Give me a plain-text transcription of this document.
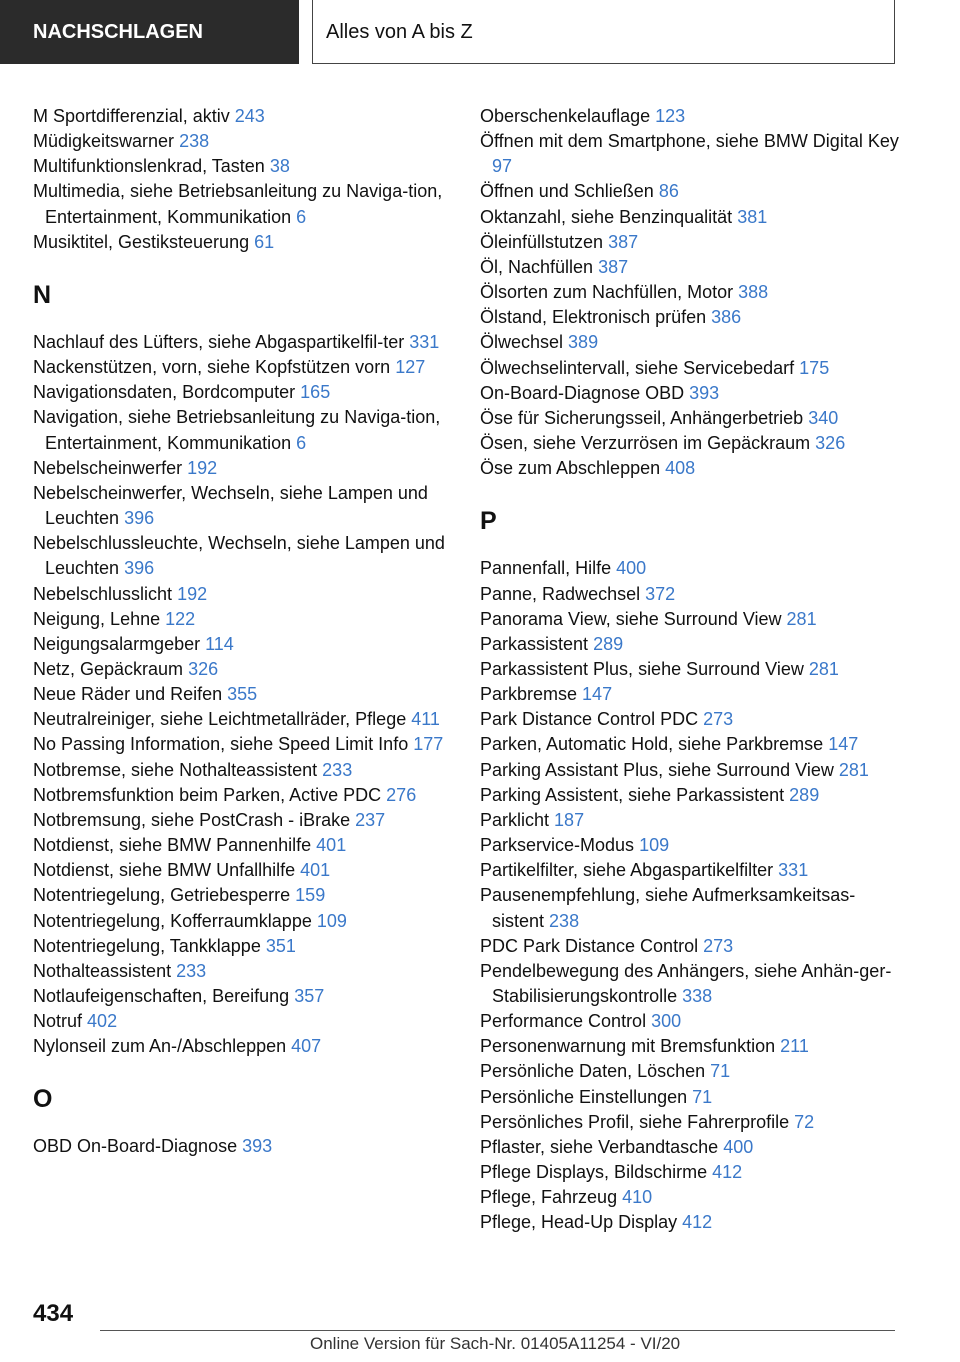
NACHSCHLAGEN	Alles von A bis Z
M Sportdifferenzial, aktiv 243
Müdigkeitswarner 238
Multifunktionslenkrad, Tasten 38
Multimedia, siehe Betriebsanleitung zu Naviga-tion, Entertainment, Kommunikation 6
Musiktitel, Gestiksteuerung 61
N
Nachlauf des Lüfters, siehe Abgaspartikelfil-ter 331
Nackenstützen, vorn, siehe Kopfstützen vorn 127
Navigationsdaten, Bordcomputer 165
Navigation, siehe Betriebsanleitung zu Naviga-tion, Entertainment, Kommunikation 6
Nebelscheinwerfer 192
Nebelscheinwerfer, Wechseln, siehe Lampen und Leuchten 396
Nebelschlussleuchte, Wechseln, siehe Lampen und Leuchten 396
Nebelschlusslicht 192
Neigung, Lehne 122
Neigungsalarmgeber 114
Netz, Gepäckraum 326
Neue Räder und Reifen 355
Neutralreiniger, siehe Leichtmetallräder, Pflege 411
No Passing Information, siehe Speed Limit Info 177
Notbremse, siehe Nothalteassistent 233
Notbremsfunktion beim Parken, Active PDC 276
Notbremsung, siehe PostCrash - iBrake 237
Notdienst, siehe BMW Pannenhilfe 401
Notdienst, siehe BMW Unfallhilfe 401
Notentriegelung, Getriebesperre 159
Notentriegelung, Kofferraumklappe 109
Notentriegelung, Tankklappe 351
Nothalteassistent 233
Notlaufeigenschaften, Bereifung 357
Notruf 402
Nylonseil zum An-/Abschleppen 407
O
OBD On-Board-Diagnose 393
Oberschenkelauflage 123
Öffnen mit dem Smartphone, siehe BMW Digital Key 97
Öffnen und Schließen 86
Oktanzahl, siehe Benzinqualität 381
Öleinfüllstutzen 387
Öl, Nachfüllen 387
Ölsorten zum Nachfüllen, Motor 388
Ölstand, Elektronisch prüfen 386
Ölwechsel 389
Ölwechselintervall, siehe Servicebedarf 175
On-Board-Diagnose OBD 393
Öse für Sicherungsseil, Anhängerbetrieb 340
Ösen, siehe Verzurrösen im Gepäckraum 326
Öse zum Abschleppen 408
P
Pannenfall, Hilfe 400
Panne, Radwechsel 372
Panorama View, siehe Surround View 281
Parkassistent 289
Parkassistent Plus, siehe Surround View 281
Parkbremse 147
Park Distance Control PDC 273
Parken, Automatic Hold, siehe Parkbremse 147
Parking Assistant Plus, siehe Surround View 281
Parking Assistent, siehe Parkassistent 289
Parklicht 187
Parkservice-Modus 109
Partikelfilter, siehe Abgaspartikelfilter 331
Pausenempfehlung, siehe Aufmerksamkeitsas-sistent 238
PDC Park Distance Control 273
Pendelbewegung des Anhängers, siehe Anhän-ger-Stabilisierungskontrolle 338
Performance Control 300
Personenwarnung mit Bremsfunktion 211
Persönliche Daten, Löschen 71
Persönliche Einstellungen 71
Persönliches Profil, siehe Fahrerprofile 72
Pflaster, siehe Verbandtasche 400
Pflege Displays, Bildschirme 412
Pflege, Fahrzeug 410
Pflege, Head-Up Display 412
434
Online Version für Sach-Nr. 01405A11254 - VI/20
